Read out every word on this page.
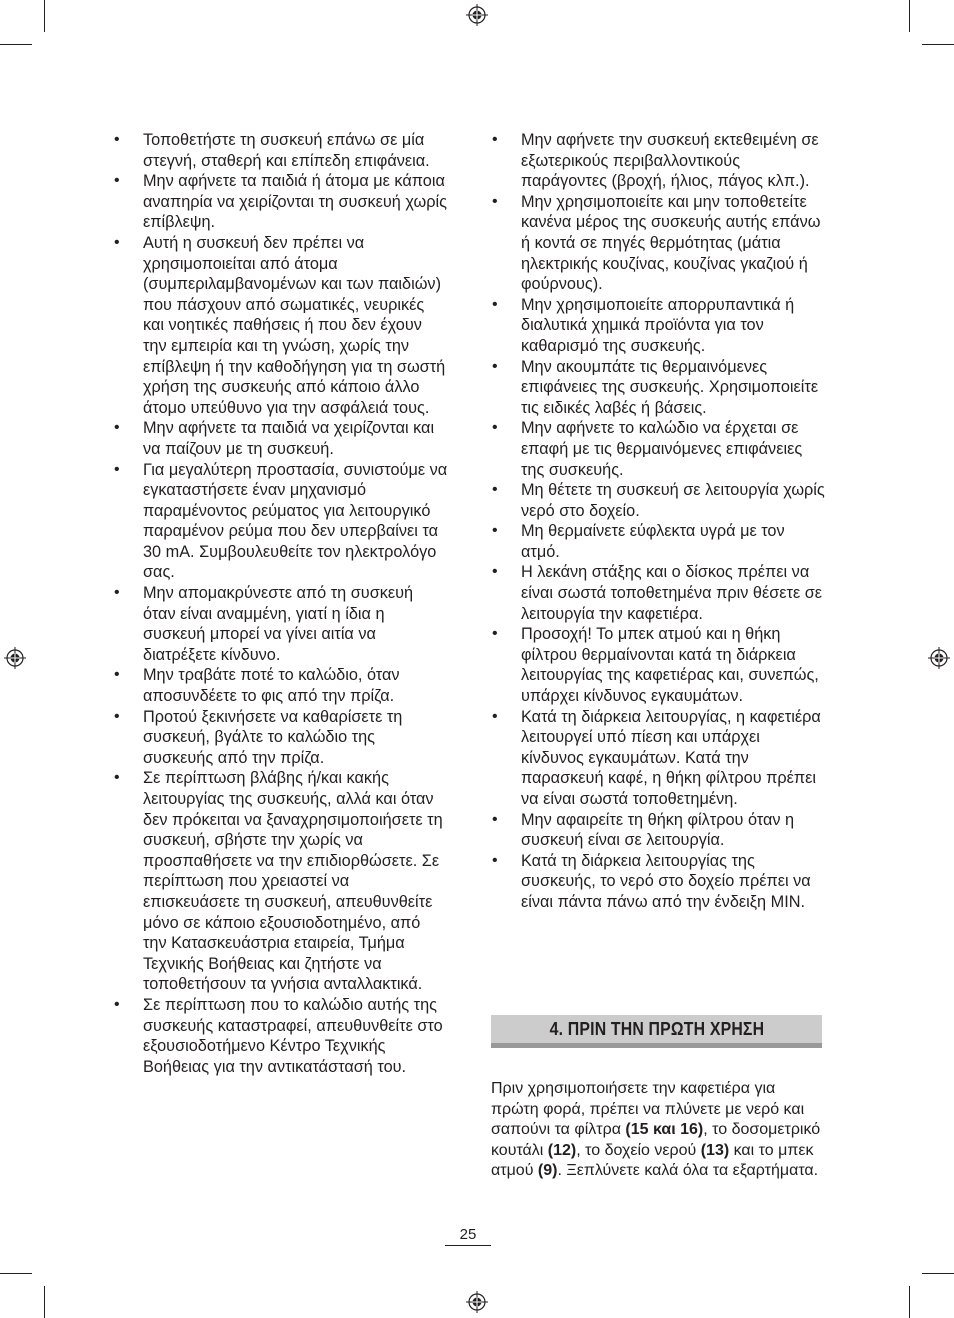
• Τοποθετήστε τη συσκευή επάνω σε μία στεγνή, σταθερή και επίπεδη επιφάνεια.
• Μην αφήνετε τα παιδιά ή άτομα με κάποια αναπηρία να χειρίζονται τη συσκευή χωρίς επίβλεψη.
• Αυτή η συσκευή δεν πρέπει να χρησιμοποιείται από άτομα (συμπεριλαμβανομένων και των παιδιών) που πάσχουν από σωματικές, νευρικές και νοητικές παθήσεις ή που δεν έχουν την εμπειρία και τη γνώση, χωρίς την επίβλεψη ή την καθοδήγηση για τη σωστή χρήση της συσκευής από κάποιο άλλο άτομο υπεύθυνο για την ασφάλειά τους.
• Μην αφήνετε τα παιδιά να χειρίζονται και να παίζουν με τη συσκευή.
• Για μεγαλύτερη προστασία, συνιστούμε να εγκαταστήσετε έναν μηχανισμό παραμένοντος ρεύματος για λειτουργικό παραμένον ρεύμα που δεν υπερβαίνει τα 30 mA. Συμβουλευθείτε τον ηλεκτρολόγο σας.
• Μην απομακρύνεστε από τη συσκευή όταν είναι αναμμένη, γιατί η ίδια η συσκευή μπορεί να γίνει αιτία να διατρέξετε κίνδυνο.
• Μην τραβάτε ποτέ το καλώδιο, όταν αποσυνδέετε το φις από την πρίζα.
• Προτού ξεκινήσετε να καθαρίσετε τη συσκευή, βγάλτε το καλώδιο της συσκευής από την πρίζα.
• Σε περίπτωση βλάβης ή/και κακής λειτουργίας της συσκευής, αλλά και όταν δεν πρόκειται να ξαναχρησιμοποιήσετε τη συσκευή, σβήστε την χωρίς να προσπαθήσετε να την επιδιορθώσετε. Σε περίπτωση που χρειαστεί να επισκευάσετε τη συσκευή, απευθυνθείτε μόνο σε κάποιο εξουσιοδοτημένο, από την Κατασκευάστρια εταιρεία, Τμήμα Τεχνικής Βοήθειας και ζητήστε να τοποθετήσουν τα γνήσια ανταλλακτικά.
• Σε περίπτωση που το καλώδιο αυτής της συσκευής καταστραφεί, απευθυνθείτε στο εξουσιοδοτήμενο Κέντρο Τεχνικής Βοήθειας για την αντικατάστασή του.
• Μην αφήνετε την συσκευή εκτεθειμένη σε εξωτερικούς περιβαλλοντικούς παράγοντες (βροχή, ήλιος, πάγος κλπ.).
• Μην χρησιμοποιείτε και μην τοποθετείτε κανένα μέρος της συσκευής αυτής επάνω ή κοντά σε πηγές θερμότητας (μάτια ηλεκτρικής κουζίνας, κουζίνας γκαζιού ή φούρνους).
• Μην χρησιμοποιείτε απορρυπαντικά ή διαλυτικά χημικά προϊόντα για τον καθαρισμό της συσκευής.
• Μην ακουμπάτε τις θερμαινόμενες επιφάνειες της συσκευής. Χρησιμοποιείτε τις ειδικές λαβές ή βάσεις.
• Μην αφήνετε το καλώδιο να έρχεται σε επαφή με τις θερμαινόμενες επιφάνειες της συσκευής.
• Μη θέτετε τη συσκευή σε λειτουργία χωρίς νερό στο δοχείο.
• Μη θερμαίνετε εύφλεκτα υγρά με τον ατμό.
• Η λεκάνη στάξης και ο δίσκος πρέπει να είναι σωστά τοποθετημένα πριν θέσετε σε λειτουργία την καφετιέρα.
• Προσοχή! Το μπεκ ατμού και η θήκη φίλτρου θερμαίνονται κατά τη διάρκεια λειτουργίας της καφετιέρας και, συνεπώς, υπάρχει κίνδυνος εγκαυμάτων.
• Κατά τη διάρκεια λειτουργίας, η καφετιέρα λειτουργεί υπό πίεση και υπάρχει κίνδυνος εγκαυμάτων. Κατά την παρασκευή καφέ, η θήκη φίλτρου πρέπει να είναι σωστά τοποθετημένη.
• Μην αφαιρείτε τη θήκη φίλτρου όταν η συσκευή είναι σε λειτουργία.
• Κατά τη διάρκεια λειτουργίας της συσκευής, το νερό στο δοχείο πρέπει να είναι πάντα πάνω από την ένδειξη MIN.
4. ΠΡΙΝ ΤΗΝ ΠΡΩΤΗ ΧΡΗΣΗ

Πριν χρησιμοποιήσετε την καφετιέρα για πρώτη φορά, πρέπει να πλύνετε με νερό και σαπούνι τα φίλτρα (15 και 16), το δοσομετρικό κουτάλι (12), το δοχείο νερού (13) και το μπεκ ατμού (9). Ξεπλύνετε καλά όλα τα εξαρτήματα.

25
